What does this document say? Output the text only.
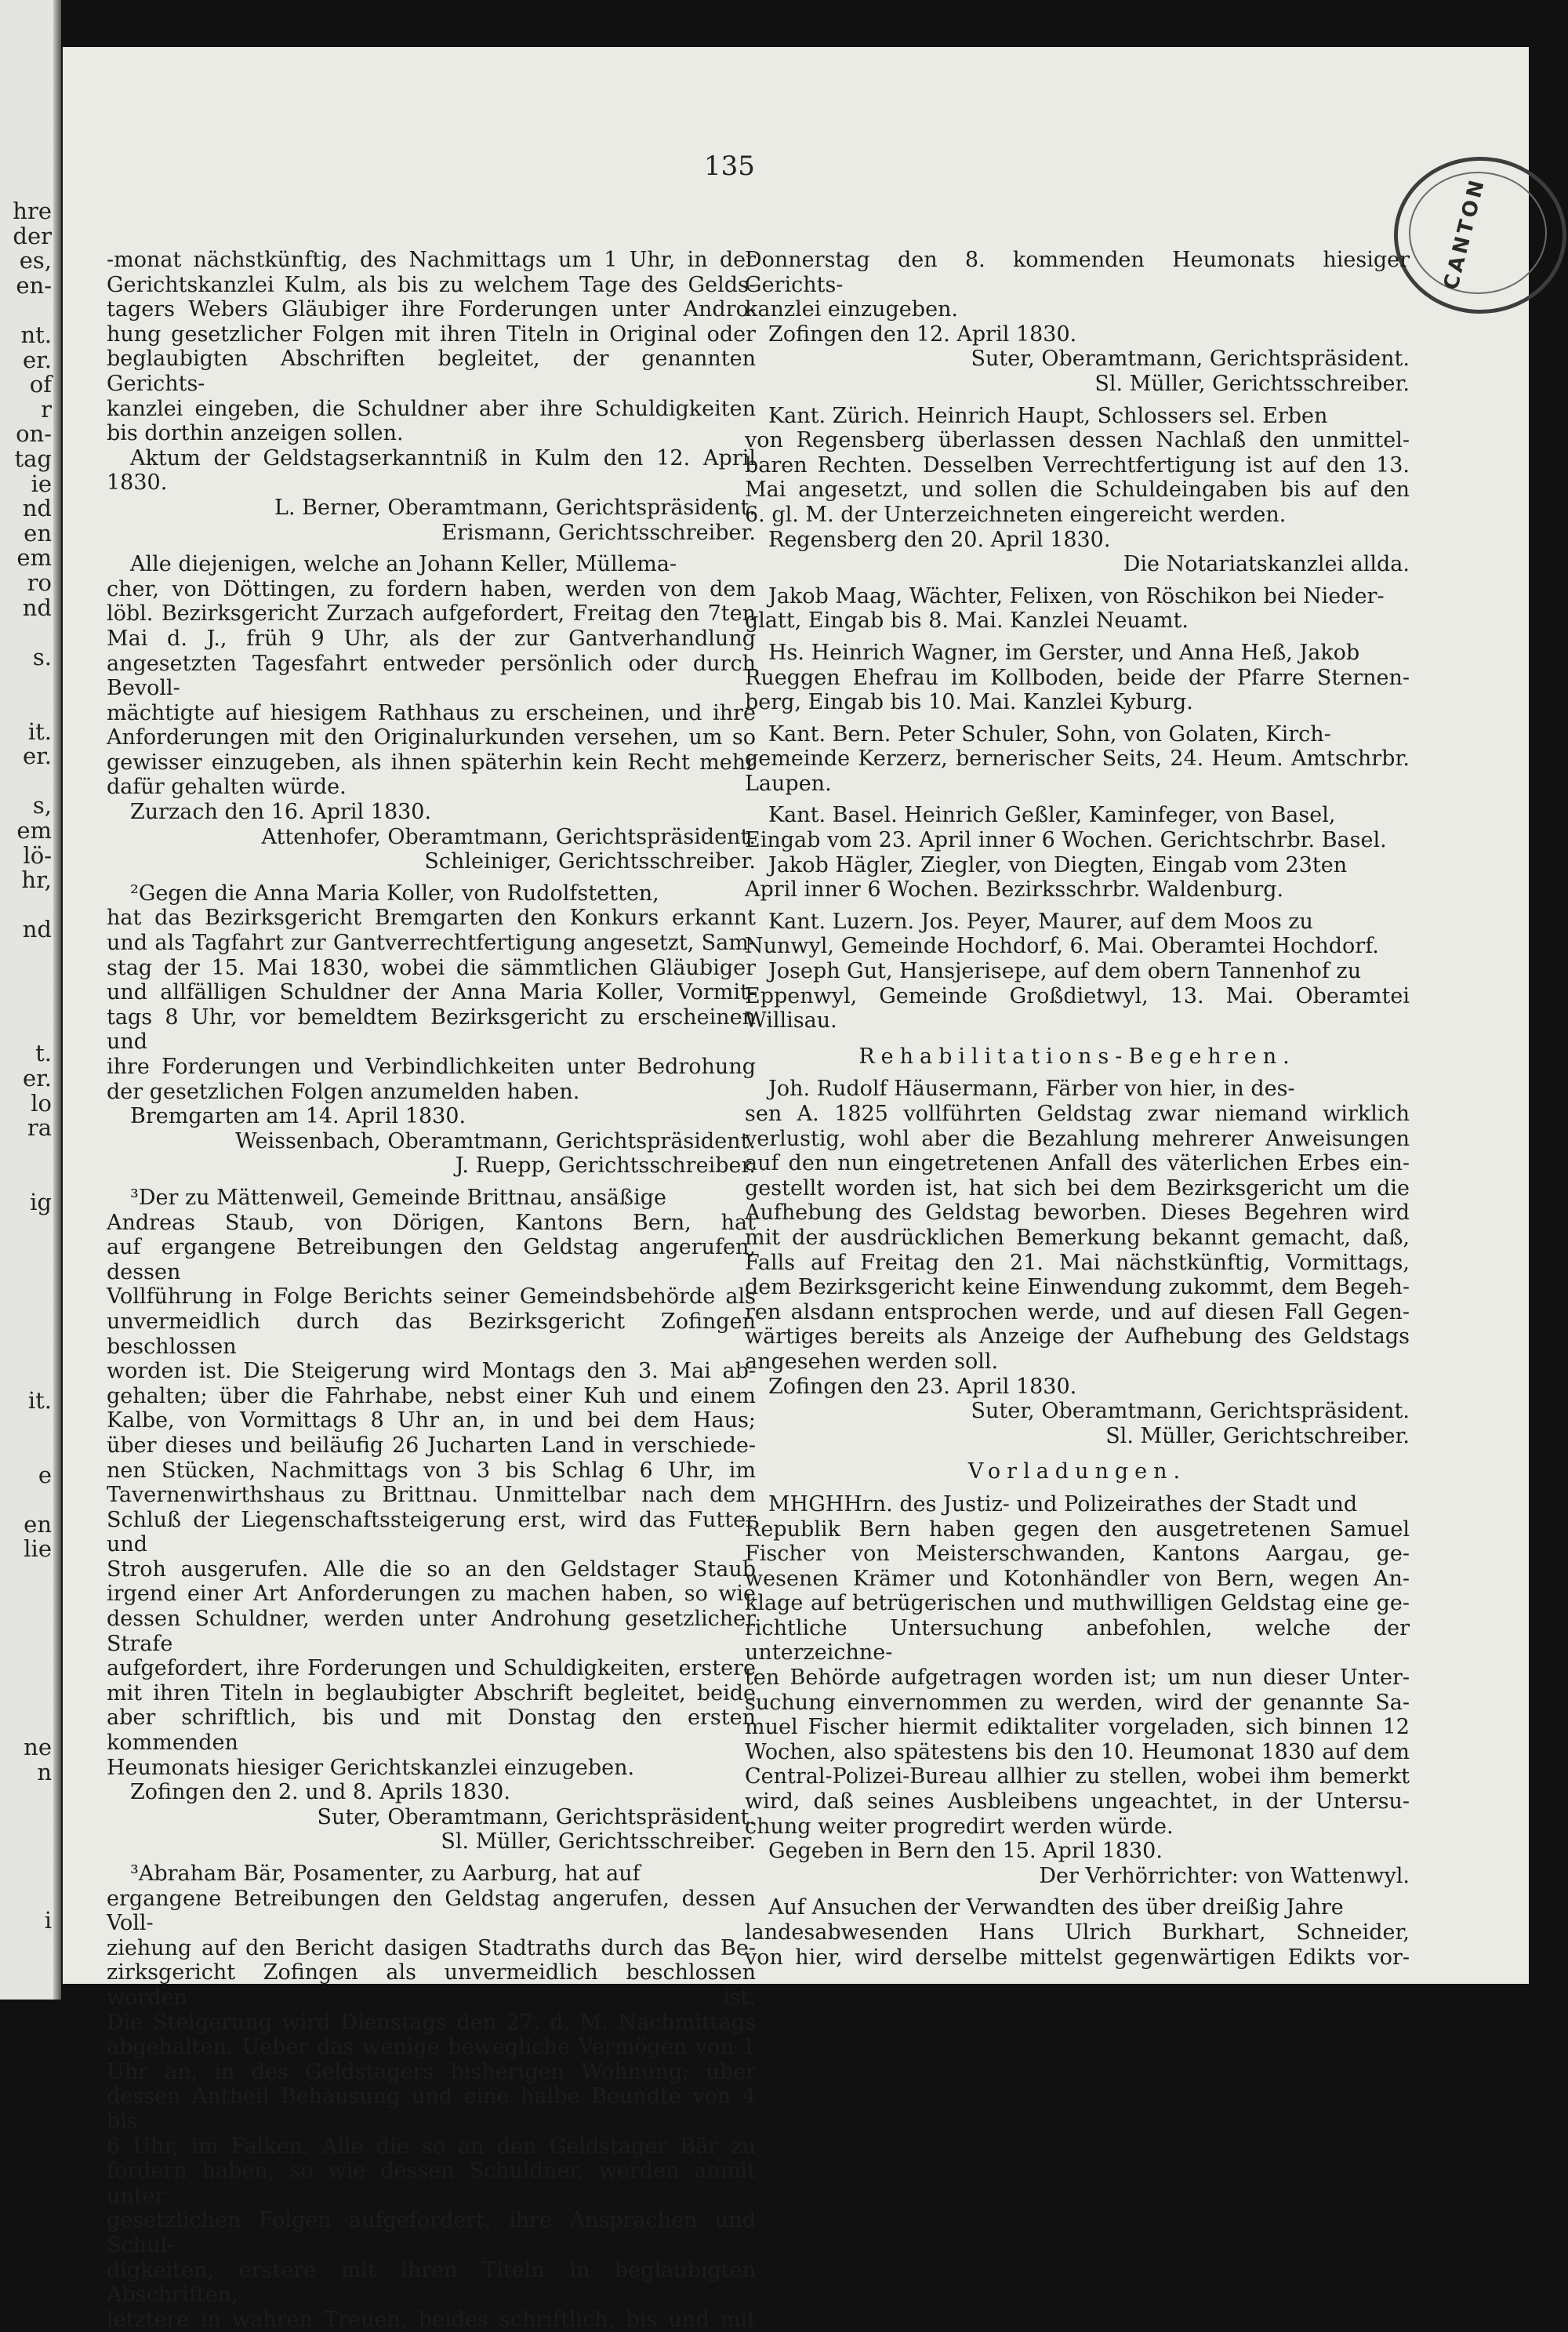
hre
der
es,
en-
nt.
er.
of
r
on-
tag
ie
nd
en
em
ro
nd
s.
it.
er.
s,
em
lö-
hr,
nd
t.
er.
lo
ra
ig
it.
e
en
lie
ne
n
i
135
CANTON

-monat nächstkünftig, des Nachmittags um 1 Uhr, in der

Gerichtskanzlei Kulm, als bis zu welchem Tage des Gelds-

tagers Webers Gläubiger ihre Forderungen unter Andro-

hung gesetzlicher Folgen mit ihren Titeln in Original oder

beglaubigten Abschriften begleitet, der genannten Gerichts-

kanzlei eingeben, die Schuldner aber ihre Schuldigkeiten

bis dorthin anzeigen sollen.

Aktum der Geldstagserkanntniß in Kulm den 12. April 1830.

L. Berner, Oberamtmann, Gerichtspräsident.

Erismann, Gerichtsschreiber.

Alle diejenigen, welche an Johann Keller, Müllema-

cher, von Döttingen, zu fordern haben, werden von dem

löbl. Bezirksgericht Zurzach aufgefordert, Freitag den 7ten

Mai d. J., früh 9 Uhr, als der zur Gantverhandlung

angesetzten Tagesfahrt entweder persönlich oder durch Bevoll-

mächtigte auf hiesigem Rathhaus zu erscheinen, und ihre

Anforderungen mit den Originalurkunden versehen, um so

gewisser einzugeben, als ihnen späterhin kein Recht mehr

dafür gehalten würde.

Zurzach den 16. April 1830.

Attenhofer, Oberamtmann, Gerichtspräsident.

Schleiniger, Gerichtsschreiber.

²Gegen die Anna Maria Koller, von Rudolfstetten,

hat das Bezirksgericht Bremgarten den Konkurs erkannt

und als Tagfahrt zur Gantverrechtfertigung angesetzt, Sam-

stag der 15. Mai 1830, wobei die sämmtlichen Gläubiger

und allfälligen Schuldner der Anna Maria Koller, Vormit-

tags 8 Uhr, vor bemeldtem Bezirksgericht zu erscheinen und

ihre Forderungen und Verbindlichkeiten unter Bedrohung

der gesetzlichen Folgen anzumelden haben.

Bremgarten am 14. April 1830.

Weissenbach, Oberamtmann, Gerichtspräsident.

J. Ruepp, Gerichtsschreiber.

³Der zu Mättenweil, Gemeinde Brittnau, ansäßige

Andreas Staub, von Dörigen, Kantons Bern, hat

auf ergangene Betreibungen den Geldstag angerufen, dessen

Vollführung in Folge Berichts seiner Gemeindsbehörde als

unvermeidlich durch das Bezirksgericht Zofingen beschlossen

worden ist. Die Steigerung wird Montags den 3. Mai ab-

gehalten; über die Fahrhabe, nebst einer Kuh und einem

Kalbe, von Vormittags 8 Uhr an, in und bei dem Haus;

über dieses und beiläufig 26 Jucharten Land in verschiede-

nen Stücken, Nachmittags von 3 bis Schlag 6 Uhr, im

Tavernenwirthshaus zu Brittnau. Unmittelbar nach dem

Schluß der Liegenschaftssteigerung erst, wird das Futter und

Stroh ausgerufen. Alle die so an den Geldstager Staub

irgend einer Art Anforderungen zu machen haben, so wie

dessen Schuldner, werden unter Androhung gesetzlicher Strafe

aufgefordert, ihre Forderungen und Schuldigkeiten, erstere

mit ihren Titeln in beglaubigter Abschrift begleitet, beide

aber schriftlich, bis und mit Donstag den ersten kommenden

Heumonats hiesiger Gerichtskanzlei einzugeben.

Zofingen den 2. und 8. Aprils 1830.

Suter, Oberamtmann, Gerichtspräsident.

Sl. Müller, Gerichtsschreiber.

³Abraham Bär, Posamenter, zu Aarburg, hat auf

ergangene Betreibungen den Geldstag angerufen, dessen Voll-

ziehung auf den Bericht dasigen Stadtraths durch das Be-

zirksgericht Zofingen als unvermeidlich beschlossen worden ist.

Die Steigerung wird Dienstags den 27. d. M. Nachmittags

abgehalten. Ueber das wenige bewegliche Vermögen von 1

Uhr an, in des Geldstagers bisherigen Wohnung; über

dessen Antheil Behausung und eine halbe Beundte von 4 bis

6 Uhr, im Falken. Alle die so an den Geldstager Bär zu

fordern haben, so wie dessen Schuldner, werden anmit unter

gesetzlichen Folgen aufgefordert, ihre Ansprachen und Schul-

digkeiten, erstere mit ihren Titeln in beglaubigten Abschriften,

letztere in wahren Treuen, beides schriftlich, bis und mit

Donnerstag den 8. kommenden Heumonats hiesiger Gerichts-

kanzlei einzugeben.

Zofingen den 12. April 1830.

Suter, Oberamtmann, Gerichtspräsident.

Sl. Müller, Gerichtsschreiber.

Kant. Zürich. Heinrich Haupt, Schlossers sel. Erben

von Regensberg überlassen dessen Nachlaß den unmittel-

baren Rechten. Desselben Verrechtfertigung ist auf den 13.

Mai angesetzt, und sollen die Schuldeingaben bis auf den

6. gl. M. der Unterzeichneten eingereicht werden.

Regensberg den 20. April 1830.

Die Notariatskanzlei allda.

Jakob Maag, Wächter, Felixen, von Röschikon bei Nieder-

glatt, Eingab bis 8. Mai. Kanzlei Neuamt.

Hs. Heinrich Wagner, im Gerster, und Anna Heß, Jakob

Rueggen Ehefrau im Kollboden, beide der Pfarre Sternen-

berg, Eingab bis 10. Mai. Kanzlei Kyburg.

Kant. Bern. Peter Schuler, Sohn, von Golaten, Kirch-

gemeinde Kerzerz, bernerischer Seits, 24. Heum. Amtschrbr.

Laupen.

Kant. Basel. Heinrich Geßler, Kaminfeger, von Basel,

Eingab vom 23. April inner 6 Wochen. Gerichtschrbr. Basel.

Jakob Hägler, Ziegler, von Diegten, Eingab vom 23ten

April inner 6 Wochen. Bezirksschrbr. Waldenburg.

Kant. Luzern. Jos. Peyer, Maurer, auf dem Moos zu

Nunwyl, Gemeinde Hochdorf, 6. Mai. Oberamtei Hochdorf.

Joseph Gut, Hansjerisepe, auf dem obern Tannenhof zu

Eppenwyl, Gemeinde Großdietwyl, 13. Mai. Oberamtei

Willisau.

Rehabilitations-Begehren.

Joh. Rudolf Häusermann, Färber von hier, in des-

sen A. 1825 vollführten Geldstag zwar niemand wirklich

verlustig, wohl aber die Bezahlung mehrerer Anweisungen

auf den nun eingetretenen Anfall des väterlichen Erbes ein-

gestellt worden ist, hat sich bei dem Bezirksgericht um die

Aufhebung des Geldstag beworben. Dieses Begehren wird

mit der ausdrücklichen Bemerkung bekannt gemacht, daß,

Falls auf Freitag den 21. Mai nächstkünftig, Vormittags,

dem Bezirksgericht keine Einwendung zukommt, dem Begeh-

ren alsdann entsprochen werde, und auf diesen Fall Gegen-

wärtiges bereits als Anzeige der Aufhebung des Geldstags

angesehen werden soll.

Zofingen den 23. April 1830.

Suter, Oberamtmann, Gerichtspräsident.

Sl. Müller, Gerichtschreiber.

Vorladungen.

MHGHHrn. des Justiz- und Polizeirathes der Stadt und

Republik Bern haben gegen den ausgetretenen Samuel

Fischer von Meisterschwanden, Kantons Aargau, ge-

wesenen Krämer und Kotonhändler von Bern, wegen An-

klage auf betrügerischen und muthwilligen Geldstag eine ge-

richtliche Untersuchung anbefohlen, welche der unterzeichne-

ten Behörde aufgetragen worden ist; um nun dieser Unter-

suchung einvernommen zu werden, wird der genannte Sa-

muel Fischer hiermit ediktaliter vorgeladen, sich binnen 12

Wochen, also spätestens bis den 10. Heumonat 1830 auf dem

Central-Polizei-Bureau allhier zu stellen, wobei ihm bemerkt

wird, daß seines Ausbleibens ungeachtet, in der Untersu-

chung weiter progredirt werden würde.

Gegeben in Bern den 15. April 1830.

Der Verhörrichter: von Wattenwyl.

Auf Ansuchen der Verwandten des über dreißig Jahre

landesabwesenden Hans Ulrich Burkhart, Schneider,

von hier, wird derselbe mittelst gegenwärtigen Edikts vor-
